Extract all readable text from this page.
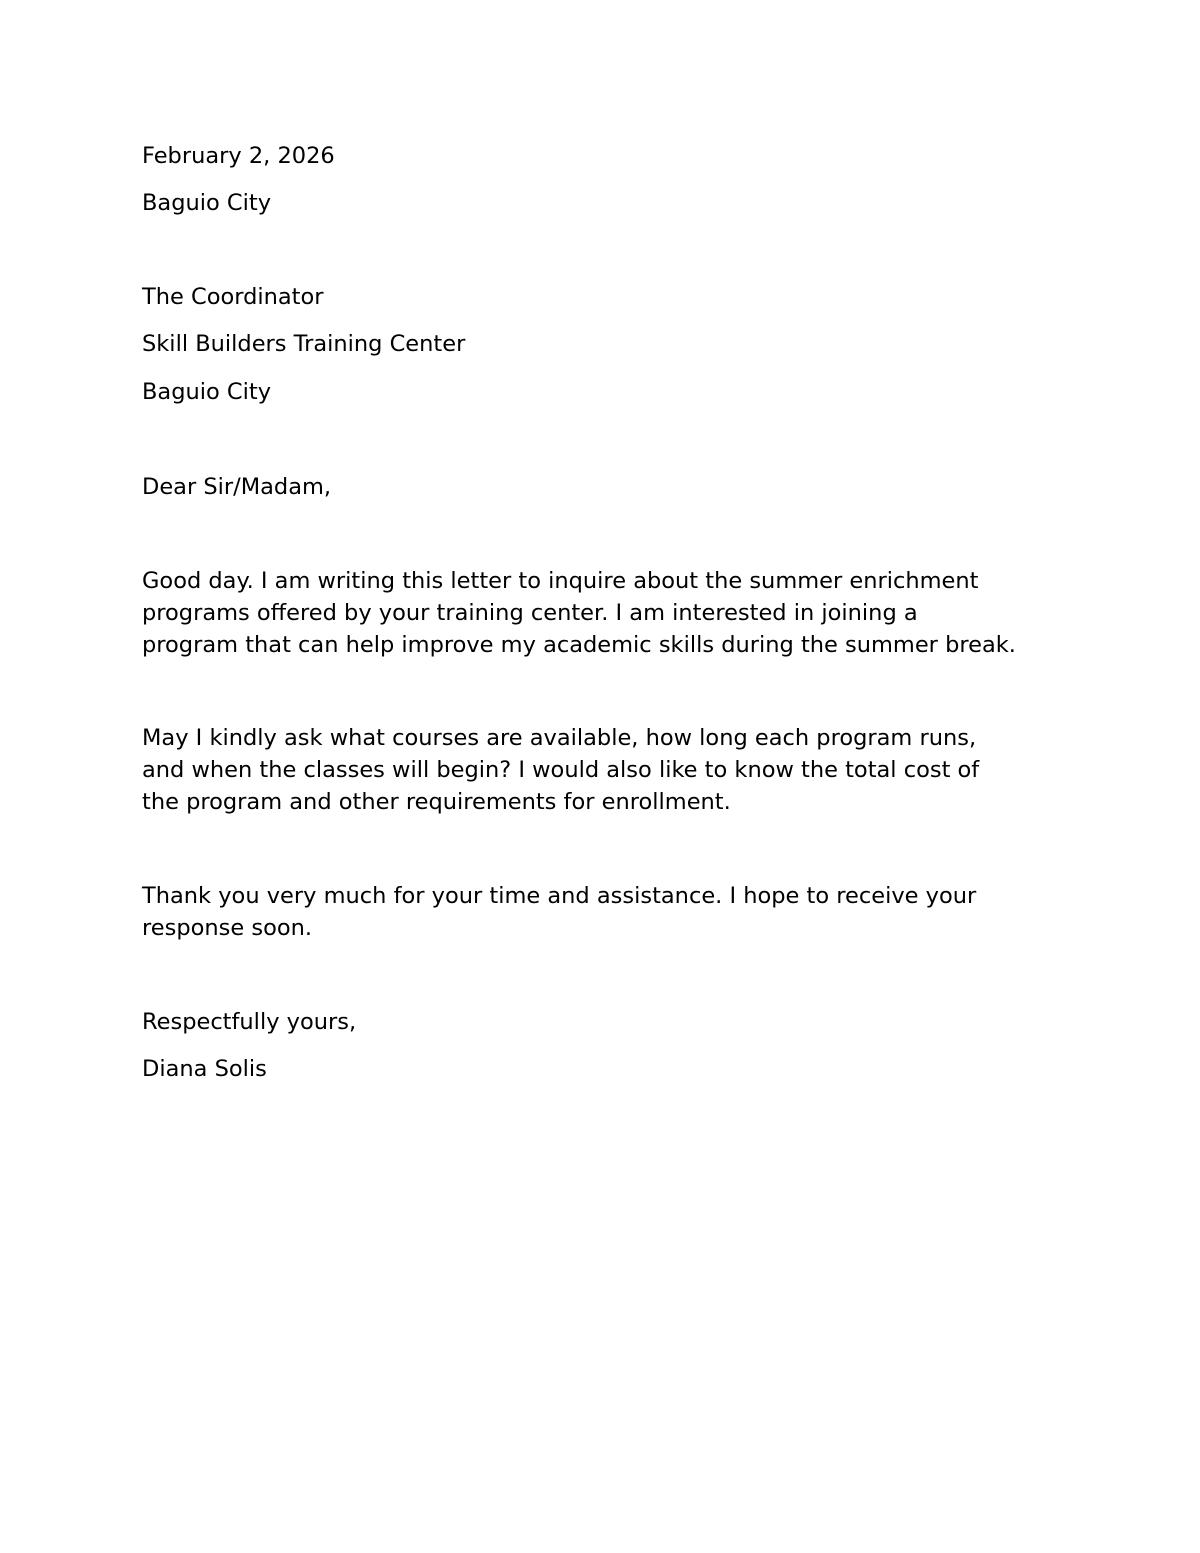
February 2, 2026

Baguio City

The Coordinator

Skill Builders Training Center

Baguio City

Dear Sir/Madam,

Good day. I am writing this letter to inquire about the summer enrichment
programs offered by your training center. I am interested in joining a
program that can help improve my academic skills during the summer break.
May I kindly ask what courses are available, how long each program runs,
and when the classes will begin? I would also like to know the total cost of
the program and other requirements for enrollment.
Thank you very much for your time and assistance. I hope to receive your
response soon.

Respectfully yours,

Diana Solis
